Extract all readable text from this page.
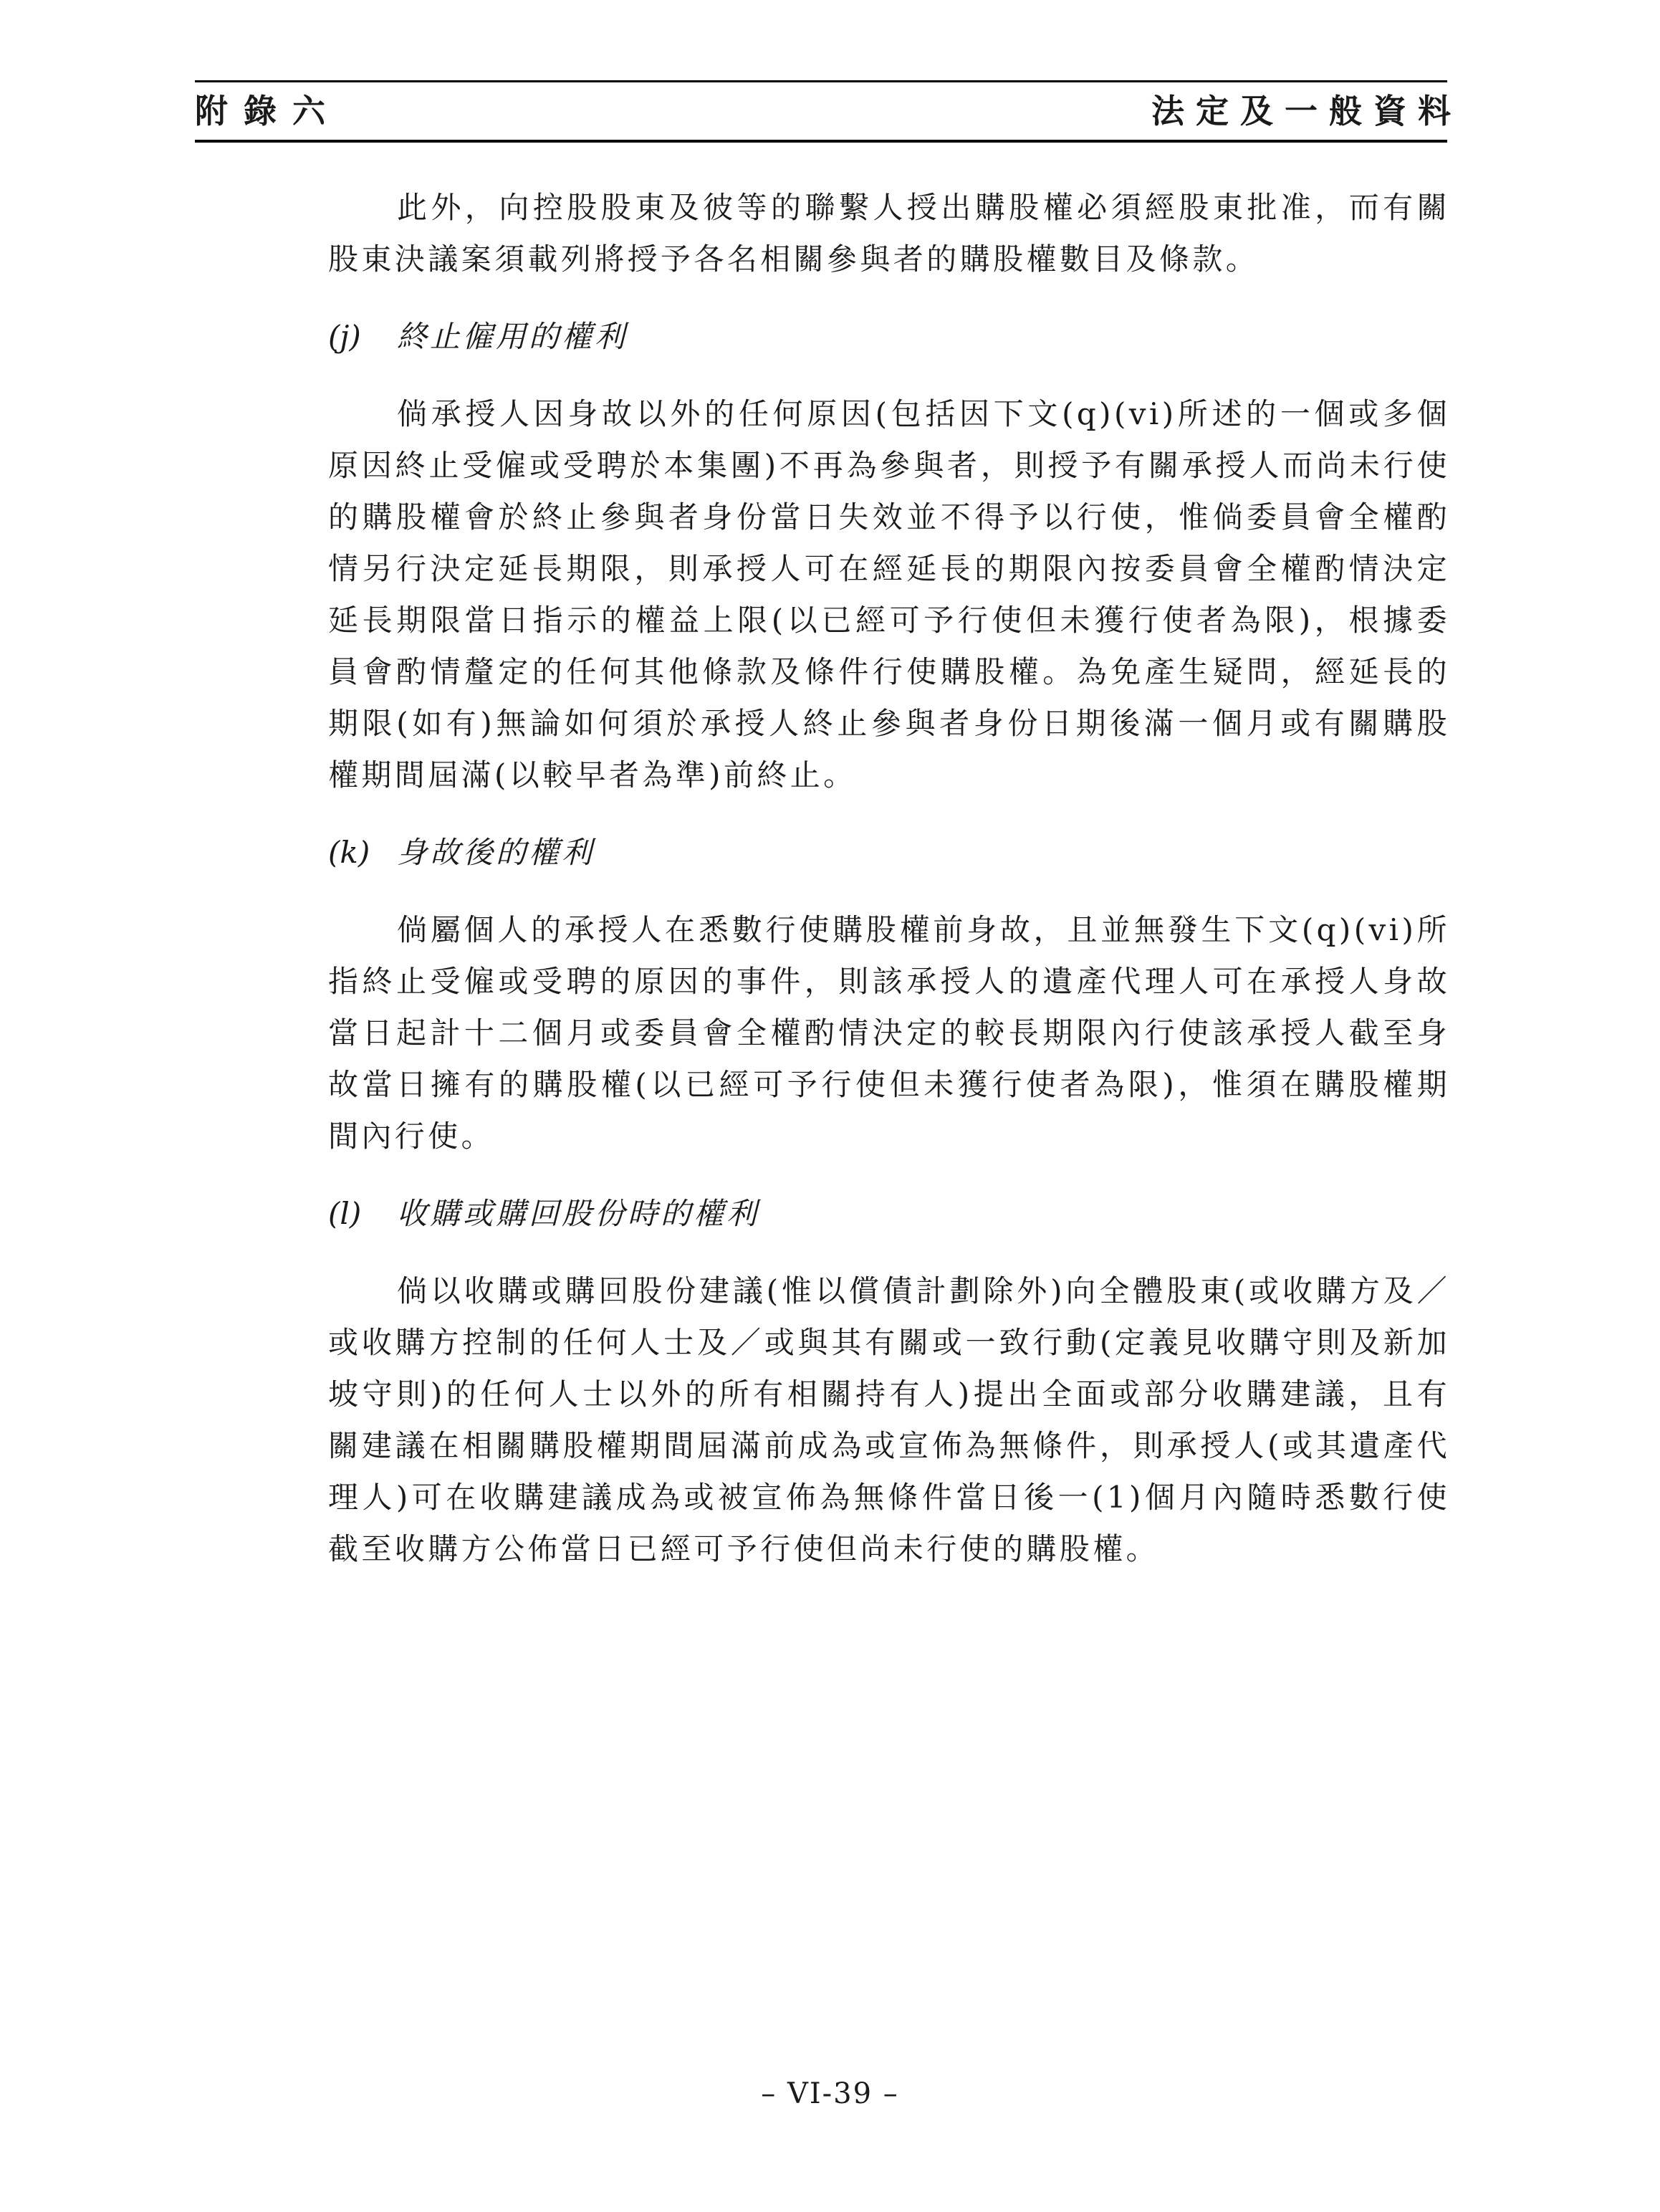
附錄六	法定及一般資料

此外，向控股股東及彼等的聯繫人授出購股權必須經股東批准，而有關股東決議案須載列將授予各名相關參與者的購股權數目及條款。

(j) 終止僱用的權利

倘承授人因身故以外的任何原因(包括因下文(q)(vi)所述的一個或多個原因終止受僱或受聘於本集團)不再為參與者，則授予有關承授人而尚未行使的購股權會於終止參與者身份當日失效並不得予以行使，惟倘委員會全權酌情另行決定延長期限，則承授人可在經延長的期限內按委員會全權酌情決定延長期限當日指示的權益上限(以已經可予行使但未獲行使者為限)，根據委員會酌情釐定的任何其他條款及條件行使購股權。為免產生疑問，經延長的期限(如有)無論如何須於承授人終止參與者身份日期後滿一個月或有關購股權期間屆滿(以較早者為準)前終止。

(k) 身故後的權利

倘屬個人的承授人在悉數行使購股權前身故，且並無發生下文(q)(vi)所指終止受僱或受聘的原因的事件，則該承授人的遺產代理人可在承授人身故當日起計十二個月或委員會全權酌情決定的較長期限內行使該承授人截至身故當日擁有的購股權(以已經可予行使但未獲行使者為限)，惟須在購股權期間內行使。

(l) 收購或購回股份時的權利

倘以收購或購回股份建議(惟以償債計劃除外)向全體股東(或收購方及／或收購方控制的任何人士及／或與其有關或一致行動(定義見收購守則及新加坡守則)的任何人士以外的所有相關持有人)提出全面或部分收購建議，且有關建議在相關購股權期間屆滿前成為或宣佈為無條件，則承授人(或其遺產代理人)可在收購建議成為或被宣佈為無條件當日後一(1)個月內隨時悉數行使截至收購方公佈當日已經可予行使但尚未行使的購股權。

– VI-39 –
